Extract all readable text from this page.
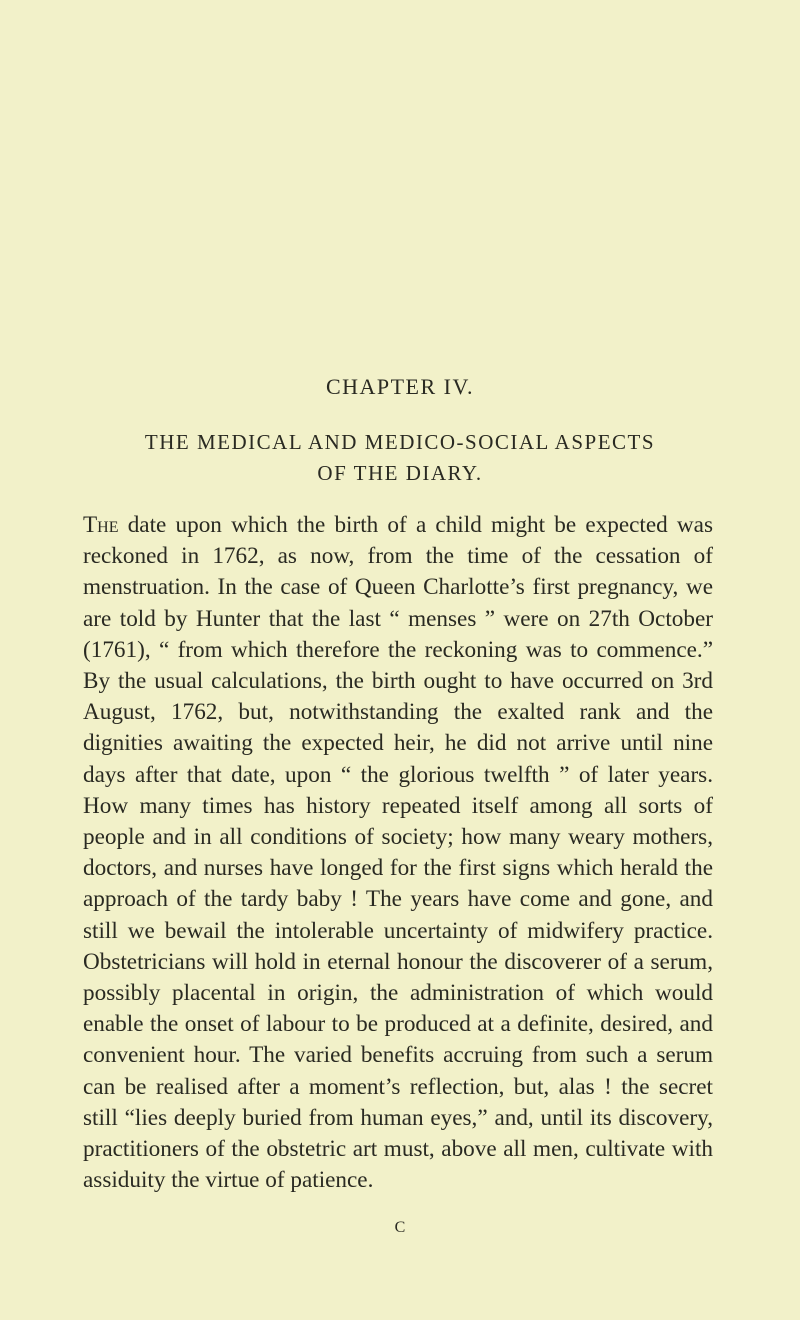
CHAPTER IV.
THE MEDICAL AND MEDICO-SOCIAL ASPECTS
OF THE DIARY.

The date upon which the birth of a child might be expected was reckoned in 1762, as now, from the time of the cessation of menstruation. In the case of Queen Charlotte’s first pregnancy, we are told by Hunter that the last “ menses ” were on 27th October (1761), “ from which therefore the reckoning was to commence.” By the usual calculations, the birth ought to have occurred on 3rd August, 1762, but, notwithstanding the exalted rank and the dignities awaiting the expected heir, he did not arrive until nine days after that date, upon “ the glorious twelfth ” of later years. How many times has history repeated itself among all sorts of people and in all conditions of society; how many weary mothers, doctors, and nurses have longed for the first signs which herald the approach of the tardy baby ! The years have come and gone, and still we bewail the intolerable uncertainty of midwifery practice. Obstetricians will hold in eternal honour the discoverer of a serum, possibly placental in origin, the administration of which would enable the onset of labour to be produced at a definite, desired, and convenient hour. The varied benefits accruing from such a serum can be realised after a moment’s reflection, but, alas ! the secret still “lies deeply buried from human eyes,” and, until its discovery, practitioners of the obstetric art must, above all men, cultivate with assiduity the virtue of patience.

C
